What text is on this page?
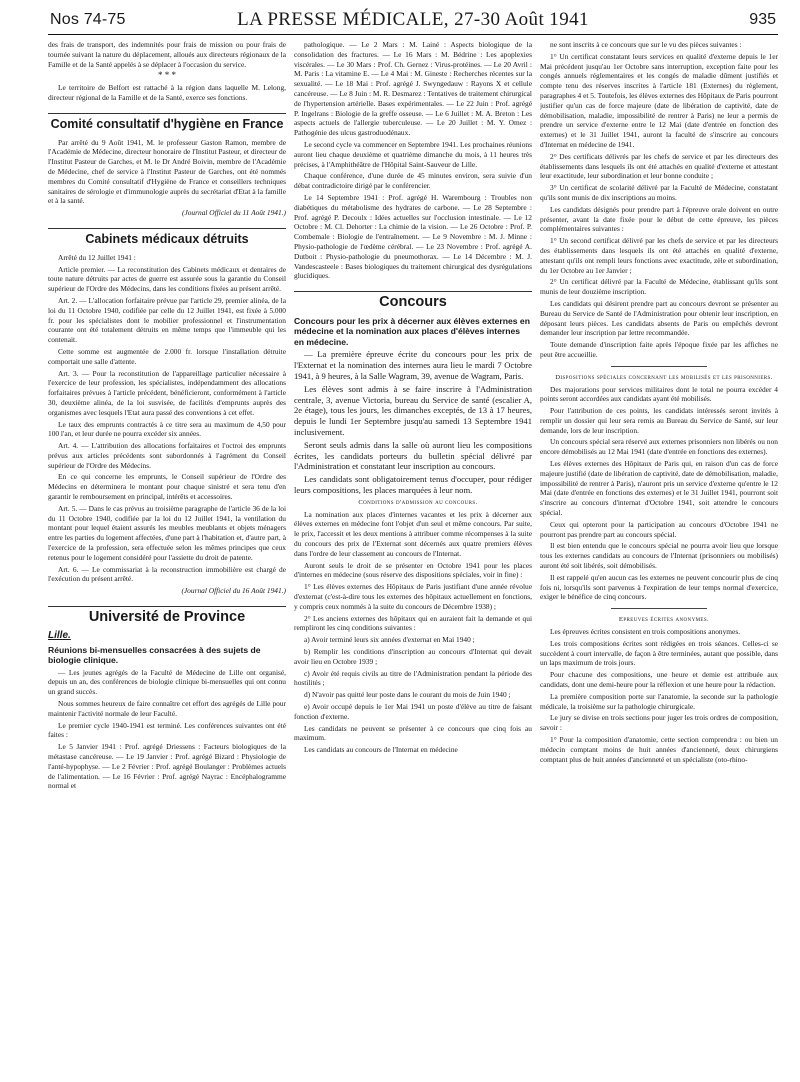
Nos 74-75	LA PRESSE MÉDICALE, 27-30 Août 1941	935

des frais de transport, des indemnités pour frais de mission ou pour frais de tournée suivant la nature du déplacement, alloués aux directeurs régionaux de la Famille et de la Santé appelés à se déplacer à l'occasion du service.

* * *

Le territoire de Belfort est rattaché à la région dans laquelle M. Lelong, directeur régional de la Famille et de la Santé, exerce ses fonctions.

Comité consultatif d'hygiène en France

Par arrêté du 9 Août 1941, M. le professeur Gaston Ramon, membre de l'Académie de Médecine, directeur honoraire de l'Institut Pasteur, et directeur de l'Institut Pasteur de Garches, et M. le Dr André Boivin, membre de l'Académie de Médecine, chef de service à l'Institut Pasteur de Garches, ont été nommés membres du Comité consultatif d'Hygiène de France et conseillers techniques sanitaires de sérologie et d'immunologie auprès du secrétariat d'Etat à la famille et à la santé.

(Journal Officiel du 11 Août 1941.)

Cabinets médicaux détruits

Arrêté du 12 Juillet 1941 :

Article premier. — La reconstitution des Cabinets médicaux et dentaires de toute nature détruits par actes de guerre est assurée sous la garantie du Conseil supérieur de l'Ordre des Médecins, dans les conditions fixées au présent arrêté.

Art. 2. — L'allocation forfaitaire prévue par l'article 29, premier alinéa, de la loi du 11 Octobre 1940, codifiée par celle du 12 Juillet 1941, est fixée à 5.000 fr. pour les spécialistes dont le mobilier professionnel et l'instrumentation courante ont été totalement détruits en même temps que l'immeuble qui les contenait.

Cette somme est augmentée de 2.000 fr. lorsque l'installation détruite comportait une salle d'attente.

Art. 3. — Pour la reconstitution de l'appareillage particulier nécessaire à l'exercice de leur profession, les spécialistes, indépendamment des allocations forfaitaires prévues à l'article précédent, bénéficieront, conformément à l'article 30, deuxième alinéa, de la loi susvisée, de facilités d'emprunts auprès des organismes avec lesquels l'Etat aura passé des conventions à cet effet.

Le taux des emprunts contractés à ce titre sera au maximum de 4,50 pour 100 l'an, et leur durée ne pourra excéder six années.

Art. 4. — L'attribution des allocations forfaitaires et l'octroi des emprunts prévus aux articles précédents sont subordonnés à l'agrément du Conseil supérieur de l'Ordre des Médecins.

En ce qui concerne les emprunts, le Conseil supérieur de l'Ordre des Médecins en déterminera le montant pour chaque sinistré et sera tenu d'en garantir le remboursement en principal, intérêts et accessoires.

Art. 5. — Dans le cas prévus au troisième paragraphe de l'article 36 de la loi du 11 Octobre 1940, codifiée par la loi du 12 Juillet 1941, la ventilation du montant pour lequel étaient assurés les meubles meublants et objets ménagers entre les parties du logement affectées, d'une part à l'habitation et, d'autre part, à l'exercice de la profession, sera effectuée selon les mêmes principes que ceux retenus pour le logement considéré pour l'assiette du droit de patente.

Art. 6. — Le commissariat à la reconstruction immobilière est chargé de l'exécution du présent arrêté.

(Journal Officiel du 16 Août 1941.)

Université de Province
Lille.
Réunions bi-mensuelles consacrées à des sujets de biologie clinique.

— Les jeunes agrégés de la Faculté de Médecine de Lille ont organisé, depuis un an, des conférences de biologie clinique bi-mensuelles qui ont connu un grand succès.

Nous sommes heureux de faire connaître cet effort des agrégés de Lille pour maintenir l'activité normale de leur Faculté.

Le premier cycle 1940-1941 est terminé. Les conférences suivantes ont été faites :

Le 5 Janvier 1941 : Prof. agrégé Driessens : Facteurs biologiques de la métastase cancéreuse. — Le 19 Janvier : Prof. agrégé Bizard : Physiologie de l'anté-hypophyse. — Le 2 Février : Prof. agrégé Boulanger : Problèmes actuels de l'alimentation. — Le 16 Février : Prof. agrégé Nayrac : Encéphalogramme normal et

pathologique. — Le 2 Mars : M. Lainé : Aspects biologique de la consolidation des fractures. — Le 16 Mars : M. Bédrine : Les apoplexies viscérales. — Le 30 Mars : Prof. Ch. Gernez : Virus-protéines. — Le 20 Avril : M. Paris : La vitamine E. — Le 4 Mai : M. Gineste : Recherches récentes sur la sexualité. — Le 18 Mai : Prof. agrégé J. Swyngedauw : Rayons X et cellule cancéreuse. — Le 8 Juin : M. R. Desmarez : Tentatives de traitement chirurgical de l'hypertension artérielle. Bases expérimentales. — Le 22 Juin : Prof. agrégé P. Ingelrans : Biologie de la greffe osseuse. — Le 6 Juillet : M. A. Breton : Les aspects actuels de l'allergie tuberculeuse. — Le 20 Juillet : M. Y. Omez : Pathogénie des ulcus gastroduodénaux.

Le second cycle va commencer en Septembre 1941. Les prochaines réunions auront lieu chaque deuxième et quatrième dimanche du mois, à 11 heures très précises, à l'Amphithéâtre de l'Hôpital Saint-Sauveur de Lille.

Chaque conférence, d'une durée de 45 minutes environ, sera suivie d'un débat contradictoire dirigé par le conférencier.

Le 14 Septembre 1941 : Prof. agrégé H. Warembourg : Troubles non diabétiques du métabolisme des hydrates de carbone. — Le 28 Septembre : Prof. agrégé P. Decoulx : Idées actuelles sur l'occlusion intestinale. — Le 12 Octobre : M. Cl. Dehorter : La chimie de la vision. — Le 26 Octobre : Prof. P. Combemale : Biologie de l'entraînement. — Le 9 Novembre : M. J. Minne : Physio-pathologie de l'œdème cérébral. — Le 23 Novembre : Prof. agrégé A. Dutboit : Physio-pathologie du pneumothorax. — Le 14 Décembre : M. J. Vandescasteele : Bases biologiques du traitement chirurgical des dysrégulations glucidiques.

Concours
Concours pour les prix à décerner aux élèves externes en médecine et la nomination aux places d'élèves internes en médecine.

— La première épreuve écrite du concours pour les prix de l'Externat et la nomination des internes aura lieu le mardi 7 Octobre 1941, à 9 heures, à la Salle Wagram, 39, avenue de Wagram, Paris.

Les élèves sont admis à se faire inscrire à l'Administration centrale, 3, avenue Victoria, bureau du Service de santé (escalier A, 2e étage), tous les jours, les dimanches exceptés, de 13 à 17 heures, depuis le lundi 1er Septembre jusqu'au samedi 13 Septembre 1941 inclusivement.

Seront seuls admis dans la salle où auront lieu les compositions écrites, les candidats porteurs du bulletin spécial délivré par l'Administration et constatant leur inscription au concours.

Les candidats sont obligatoirement tenus d'occuper, pour rédiger leurs compositions, les places marquées à leur nom.

Conditions d'admission au concours.

La nomination aux places d'internes vacantes et les prix à décerner aux élèves externes en médecine font l'objet d'un seul et même concours. Par suite, le prix, l'accessit et les deux mentions à attribuer comme récompenses à la suite du concours des prix de l'Externat sont décernés aux quatre premiers élèves dans l'ordre de leur classement au concours de l'Internat.

Auront seuls le droit de se présenter en Octobre 1941 pour les places d'internes en médecine (sous réserve des dispositions spéciales, voir in fine) :

1° Les élèves externes des Hôpitaux de Paris justifiant d'une année révolue d'externat (c'est-à-dire tous les externes des hôpitaux actuellement en fonctions, y compris ceux nommés à la suite du concours de Décembre 1938) ;

2° Les anciens externes des hôpitaux qui en auraient fait la demande et qui rempliront les cinq conditions suivantes :

a) Avoir terminé leurs six années d'externat en Mai 1940 ;

b) Remplir les conditions d'inscription au concours d'Internat qui devait avoir lieu en Octobre 1939 ;

c) Avoir été requis civils au titre de l'Administration pendant la période des hostilités ;

d) N'avoir pas quitté leur poste dans le courant du mois de Juin 1940 ;

e) Avoir occupé depuis le 1er Mai 1941 un poste d'élève au titre de faisant fonction d'externe.

Les candidats ne peuvent se présenter à ce concours que cinq fois au maximum.

Les candidats au concours de l'Internat en médecine

ne sont inscrits à ce concours que sur le vu des pièces suivantes :

1° Un certificat constatant leurs services en qualité d'externe depuis le 1er Mai précédent jusqu'au 1er Octobre sans interruption, exception faite pour les congés annuels réglementaires et les congés de maladie dûment justifiés et compte tenu des réserves inscrites à l'article 181 (Externes) du règlement, paragraphes 4 et 5. Toutefois, les élèves externes des Hôpitaux de Paris pourront justifier qu'un cas de force majeure (date de libération de captivité, date de démobilisation, maladie, impossibilité de rentrer à Paris) ne leur a permis de prendre un service d'externe entre le 12 Mai (date d'entrée en fonction des externes) et le 31 Juillet 1941, auront la faculté de s'inscrire au concours d'Internat en médecine de 1941.

2° Des certificats délivrés par les chefs de service et par les directeurs des établissements dans lesquels ils ont été attachés en qualité d'externe et attestant leur exactitude, leur subordination et leur bonne conduite ;

3° Un certificat de scolarité délivré par la Faculté de Médecine, constatant qu'ils sont munis de dix inscriptions au moins.

Les candidats désignés pour prendre part à l'épreuve orale doivent en outre présenter, avant la date fixée pour le début de cette épreuve, les pièces complémentaires suivantes :

1° Un second certificat délivré par les chefs de service et par les directeurs des établissements dans lesquels ils ont été attachés en qualité d'externe, attestant qu'ils ont rempli leurs fonctions avec exactitude, zèle et subordination, du 1er Octobre au 1er Janvier ;

2° Un certificat délivré par la Faculté de Médecine, établissant qu'ils sont munis de leur douzième inscription.

Les candidats qui désirent prendre part au concours devront se présenter au Bureau du Service de Santé de l'Administration pour obtenir leur inscription, en déposant leurs pièces. Les candidats absents de Paris ou empêchés devront demander leur inscription par lettre recommandée.

Toute demande d'inscription faite après l'époque fixée par les affiches ne peut être accueillie.

Dispositions spéciales concernant les mobilisés et les prisonniers.

Des majorations pour services militaires dont le total ne pourra excéder 4 points seront accordées aux candidats ayant été mobilisés.

Pour l'attribution de ces points, les candidats intéressés seront invités à remplir un dossier qui leur sera remis au Bureau du Service de Santé, sur leur demande, lors de leur inscription.

Un concours spécial sera réservé aux externes prisonniers non libérés ou non encore démobilisés au 12 Mai 1941 (date d'entrée en fonctions des externes).

Les élèves externes des Hôpitaux de Paris qui, en raison d'un cas de force majeure justifié (date de libération de captivité, date de démobilisation, maladie, impossibilité de rentrer à Paris), n'auront pris un service d'externe qu'entre le 12 Mai (date d'entrée en fonctions des externes) et le 31 Juillet 1941, pourront soit s'inscrire au concours d'internat d'Octobre 1941, soit attendre le concours spécial.

Ceux qui opteront pour la participation au concours d'Octobre 1941 ne pourront pas prendre part au concours spécial.

Il est bien entendu que le concours spécial ne pourra avoir lieu que lorsque tous les externes candidats au concours de l'Internat (prisonniers ou mobilisés) auront été soit libérés, soit démobilisés.

Il est rappelé qu'en aucun cas les externes ne peuvent concourir plus de cinq fois ni, lorsqu'ils sont parvenus à l'expiration de leur temps normal d'exercice, exiger le bénéfice de cinq concours.

Epreuves écrites anonymes.

Les épreuves écrites consistent en trois compositions anonymes.

Les trois compositions écrites sont rédigées en trois séances. Celles-ci se succèdent à court intervalle, de façon à être terminées, autant que possible, dans un laps maximum de trois jours.

Pour chacune des compositions, une heure et demie est attribuée aux candidats, dont une demi-heure pour la réflexion et une heure pour la rédaction.

La première composition porte sur l'anatomie, la seconde sur la pathologie médicale, la troisième sur la pathologie chirurgicale.

Le jury se divise en trois sections pour juger les trois ordres de composition, savoir :

1° Pour la composition d'anatomie, cette section comprendra : ou bien un médecin comptant moins de huit années d'ancienneté, deux chirurgiens comptant plus de huit années d'ancienneté et un spécialiste (oto-rhino-
